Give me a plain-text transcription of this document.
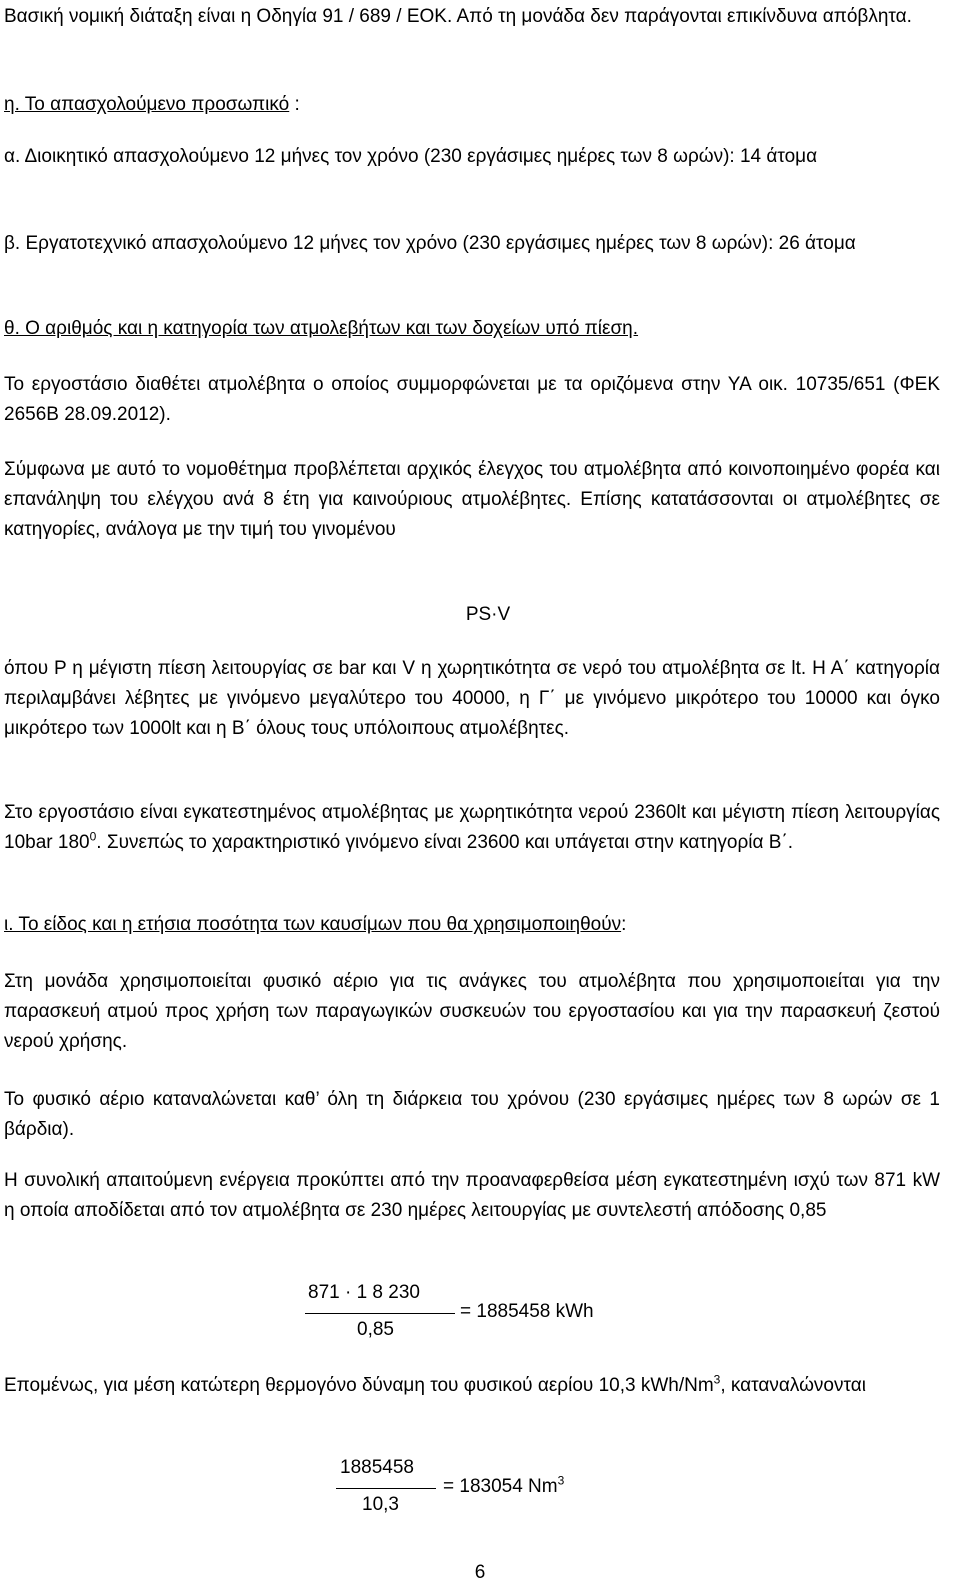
Βασική νομική διάταξη είναι η Οδηγία 91 / 689 / ΕΟΚ. Από τη μονάδα δεν παράγονται επικίνδυνα απόβλητα.

η. Το απασχολούμενο προσωπικό :

α. Διοικητικό απασχολούμενο 12 μήνες τον χρόνο (230 εργάσιμες ημέρες των 8 ωρών): 14 άτομα

β. Εργατοτεχνικό απασχολούμενο 12 μήνες τον χρόνο (230 εργάσιμες ημέρες των 8 ωρών): 26 άτομα

θ. Ο αριθμός και η κατηγορία των ατμολεβήτων και των δοχείων υπό πίεση.

Το εργοστάσιο διαθέτει ατμολέβητα ο οποίος συμμορφώνεται με τα οριζόμενα στην ΥΑ οικ. 10735/651 (ΦΕΚ 2656Β 28.09.2012).

Σύμφωνα με αυτό το νομοθέτημα προβλέπεται αρχικός έλεγχος του ατμολέβητα από κοινοποιημένο φορέα και επανάληψη του ελέγχου ανά 8 έτη για καινούριους ατμολέβητες. Επίσης κατατάσσονται οι ατμολέβητες σε κατηγορίες, ανάλογα με την τιμή του γινομένου

PS·V

όπου P η μέγιστη πίεση λειτουργίας σε bar και V η χωρητικότητα σε νερό του ατμολέβητα σε lt. Η Α΄ κατηγορία περιλαμβάνει λέβητες με γινόμενο μεγαλύτερο του 40000, η Γ΄ με γινόμενο μικρότερο του 10000 και όγκο μικρότερο των 1000lt και η Β΄ όλους τους υπόλοιπους ατμολέβητες.

Στο εργοστάσιο είναι εγκατεστημένος ατμολέβητας με χωρητικότητα νερού 2360lt και μέγιστη πίεση λειτουργίας 10bar $180^0$. Συνεπώς το χαρακτηριστικό γινόμενο είναι 23600 και υπάγεται στην κατηγορία Β΄.

ι. Το είδος και η ετήσια ποσότητα των καυσίμων που θα χρησιμοποιηθούν:

Στη μονάδα χρησιμοποιείται φυσικό αέριο για τις ανάγκες του ατμολέβητα που χρησιμοποιείται για την παρασκευή ατμού προς χρήση των παραγωγικών συσκευών του εργοστασίου και για την παρασκευή ζεστού νερού χρήσης.

Το φυσικό αέριο καταναλώνεται καθ’ όλη τη διάρκεια του χρόνου (230 εργάσιμες ημέρες των 8 ωρών σε 1 βάρδια).

Η συνολική απαιτούμενη ενέργεια προκύπτει από την προαναφερθείσα μέση εγκατεστημένη ισχύ των 871 kW η οποία αποδίδεται από τον ατμολέβητα σε 230 ημέρες λειτουργίας με συντελεστή απόδοσης 0,85

871 · 1 8 230
0,85
= 1885458 kWh

Επομένως, για μέση κατώτερη θερμογόνο δύναμη του φυσικού αερίου 10,3 kWh/Nm$^3$, καταναλώνονται

1885458
10,3
= 183054 Nm$^3$
6
